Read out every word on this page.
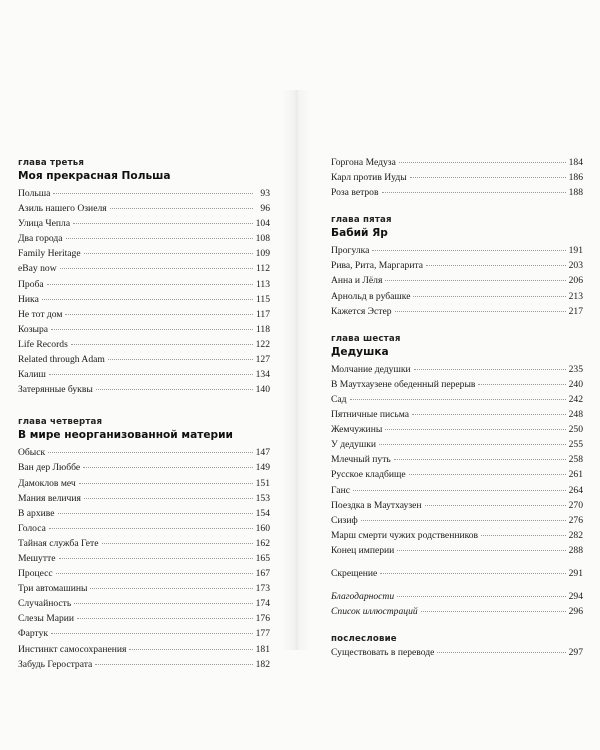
глава третья
Моя прекрасная Польша
Польша	93
Азиль нашего Озиеля	96
Улица Чепла	104
Два города	108
Family Heritage	109
eBay now	112
Проба	113
Ника	115
Не тот дом	117
Козыра	118
Life Records	122
Related through Adam	127
Калиш	134
Затерянные буквы	140
глава четвертая
В мире неорганизованной материи
Обыск	147
Ван дер Люббе	149
Дамоклов меч	151
Мания величия	153
В архиве	154
Голоса	160
Тайная служба Гете	162
Мешутте	165
Процесс	167
Три автомашины	173
Случайность	174
Слезы Марии	176
Фартук	177
Инстинкт самосохранения	181
Забудь Герострата	182
Горгона Медуза	184
Карл против Иуды	186
Роза ветров	188
глава пятая
Бабий Яр
Прогулка	191
Рива, Рита, Маргарита	203
Анна и Лёля	206
Арнольд в рубашке	213
Кажется Эстер	217
глава шестая
Дедушка
Молчание дедушки	235
В Маутхаузене обеденный перерыв	240
Сад	242
Пятничные письма	248
Жемчужины	250
У дедушки	255
Млечный путь	258
Русское кладбище	261
Ганс	264
Поездка в Маутхаузен	270
Сизиф	276
Марш смерти чужих родственников	282
Конец империи	288
Скрещение	291
Благодарности	294
Список иллюстраций	296
послесловие
Существовать в переводе	297
